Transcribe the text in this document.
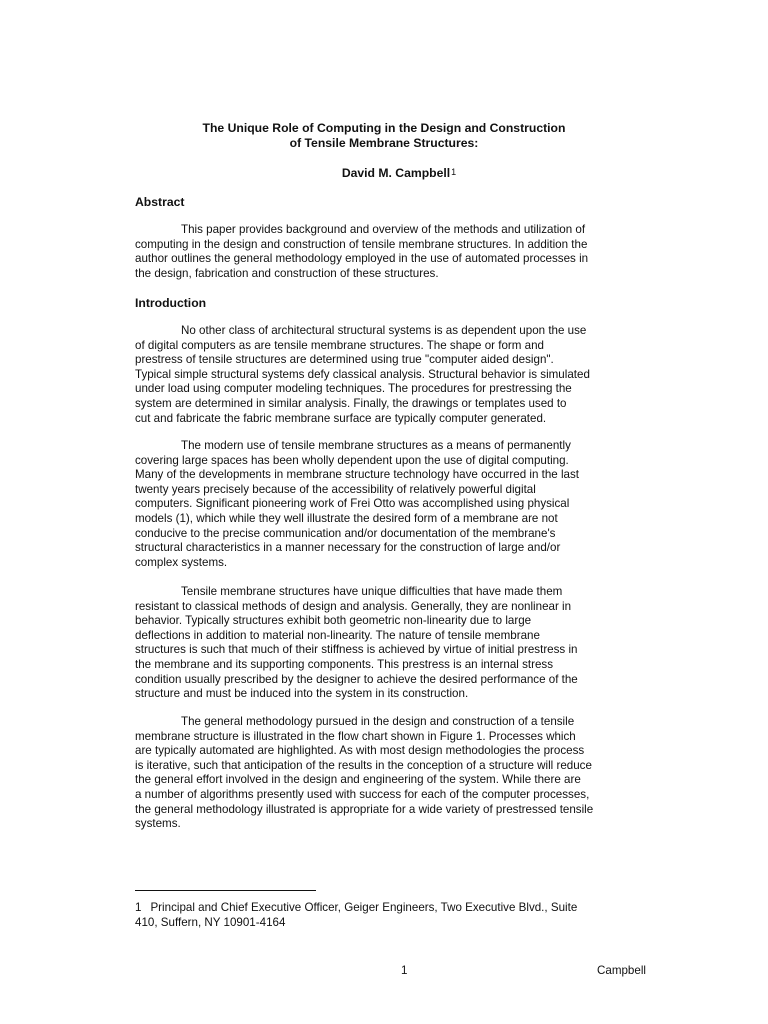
The Unique Role of Computing in the Design and Construction
of Tensile Membrane Structures:
David M. Campbell$^1$
Abstract
This paper provides background and overview of the methods and utilization of
computing in the design and construction of tensile membrane structures. In addition the
author outlines the general methodology employed in the use of automated processes in
the design, fabrication and construction of these structures.
Introduction
No other class of architectural structural systems is as dependent upon the use
of digital computers as are tensile membrane structures. The shape or form and
prestress of tensile structures are determined using true "computer aided design".
Typical simple structural systems defy classical analysis. Structural behavior is simulated
under load using computer modeling techniques. The procedures for prestressing the
system are determined in similar analysis. Finally, the drawings or templates used to
cut and fabricate the fabric membrane surface are typically computer generated.
The modern use of tensile membrane structures as a means of permanently
covering large spaces has been wholly dependent upon the use of digital computing.
Many of the developments in membrane structure technology have occurred in the last
twenty years precisely because of the accessibility of relatively powerful digital
computers. Significant pioneering work of Frei Otto was accomplished using physical
models (1), which while they well illustrate the desired form of a membrane are not
conducive to the precise communication and/or documentation of the membrane's
structural characteristics in a manner necessary for the construction of large and/or
complex systems.
Tensile membrane structures have unique difficulties that have made them
resistant to classical methods of design and analysis. Generally, they are nonlinear in
behavior. Typically structures exhibit both geometric non-linearity due to large
deflections in addition to material non-linearity. The nature of tensile membrane
structures is such that much of their stiffness is achieved by virtue of initial prestress in
the membrane and its supporting components. This prestress is an internal stress
condition usually prescribed by the designer to achieve the desired performance of the
structure and must be induced into the system in its construction.
The general methodology pursued in the design and construction of a tensile
membrane structure is illustrated in the flow chart shown in Figure 1. Processes which
are typically automated are highlighted. As with most design methodologies the process
is iterative, such that anticipation of the results in the conception of a structure will reduce
the general effort involved in the design and engineering of the system. While there are
a number of algorithms presently used with success for each of the computer processes,
the general methodology illustrated is appropriate for a wide variety of prestressed tensile
systems.
1 Principal and Chief Executive Officer, Geiger Engineers, Two Executive Blvd., Suite
410, Suffern, NY 10901-4164
1	Campbell
